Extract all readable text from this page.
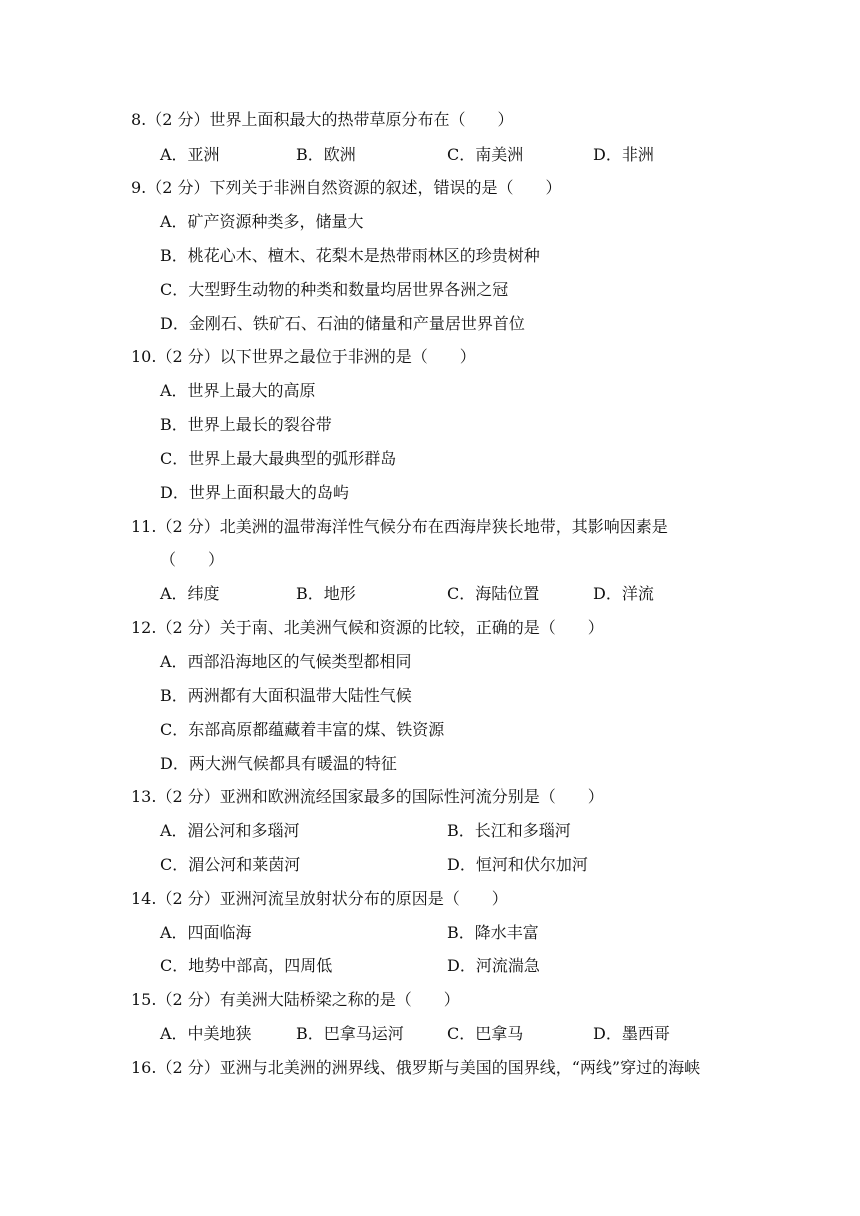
8.（2 分）世界上面积最大的热带草原分布在（　　）
A．亚洲	B．欧洲	C．南美洲	D．非洲
9.（2 分）下列关于非洲自然资源的叙述，错误的是（　　）
A．矿产资源种类多，储量大
B．桃花心木、檀木、花梨木是热带雨林区的珍贵树种
C．大型野生动物的种类和数量均居世界各洲之冠
D．金刚石、铁矿石、石油的储量和产量居世界首位
10.（2 分）以下世界之最位于非洲的是（　　）
A．世界上最大的高原
B．世界上最长的裂谷带
C．世界上最大最典型的弧形群岛
D．世界上面积最大的岛屿
11.（2 分）北美洲的温带海洋性气候分布在西海岸狭长地带，其影响因素是
（　　）
A．纬度	B．地形	C．海陆位置	D．洋流
12.（2 分）关于南、北美洲气候和资源的比较，正确的是（　　）
A．西部沿海地区的气候类型都相同
B．两洲都有大面积温带大陆性气候
C．东部高原都蕴藏着丰富的煤、铁资源
D．两大洲气候都具有暖温的特征
13.（2 分）亚洲和欧洲流经国家最多的国际性河流分别是（　　）
A．湄公河和多瑙河	B．长江和多瑙河
C．湄公河和莱茵河	D．恒河和伏尔加河
14.（2 分）亚洲河流呈放射状分布的原因是（　　）
A．四面临海	B．降水丰富
C．地势中部高，四周低	D．河流湍急
15.（2 分）有美洲大陆桥梁之称的是（　　）
A．中美地狭	B．巴拿马运河	C．巴拿马	D．墨西哥
16.（2 分）亚洲与北美洲的洲界线、俄罗斯与美国的国界线，“两线”穿过的海峡
